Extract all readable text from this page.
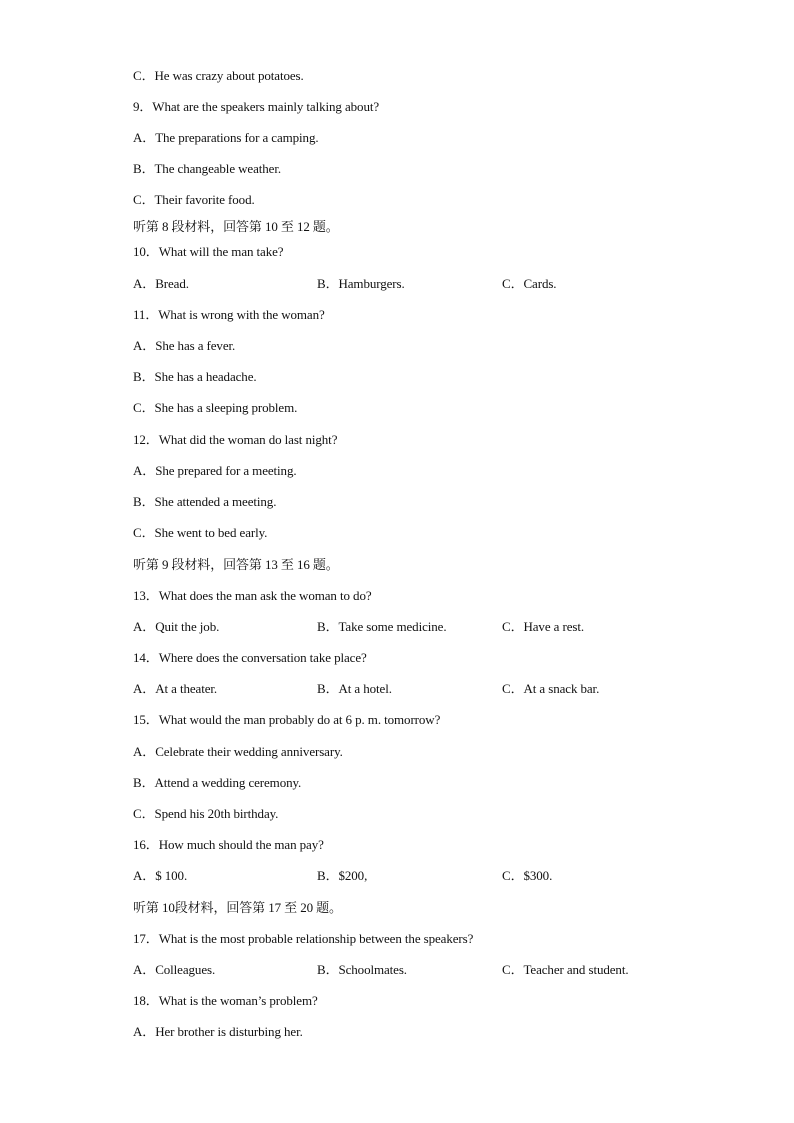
C．He was crazy about potatoes.
9．What are the speakers mainly talking about?
A．The preparations for a camping.
B．The changeable weather.
C．Their favorite food.
听第 8 段材料，回答第 10 至 12 题。
10．What will the man take?
A．Bread.	B．Hamburgers.	C．Cards.
11．What is wrong with the woman?
A．She has a fever.
B．She has a headache.
C．She has a sleeping problem.
12．What did the woman do last night?
A．She prepared for a meeting.
B．She attended a meeting.
C．She went to bed early.
听第 9 段材料，回答第 13 至 16 题。
13．What does the man ask the woman to do?
A．Quit the job.	B．Take some medicine.	C．Have a rest.
14．Where does the conversation take place?
A．At a theater.	B．At a hotel.	C．At a snack bar.
15．What would the man probably do at 6 p. m. tomorrow?
A．Celebrate their wedding anniversary.
B．Attend a wedding ceremony.
C．Spend his 20th birthday.
16．How much should the man pay?
A．$ 100.	B．$200,	C．$300.
听第 10段材料，回答第 17 至 20 题。
17．What is the most probable relationship between the speakers?
A．Colleagues.	B．Schoolmates.	C．Teacher and student.
18．What is the woman’s problem?
A．Her brother is disturbing her.
